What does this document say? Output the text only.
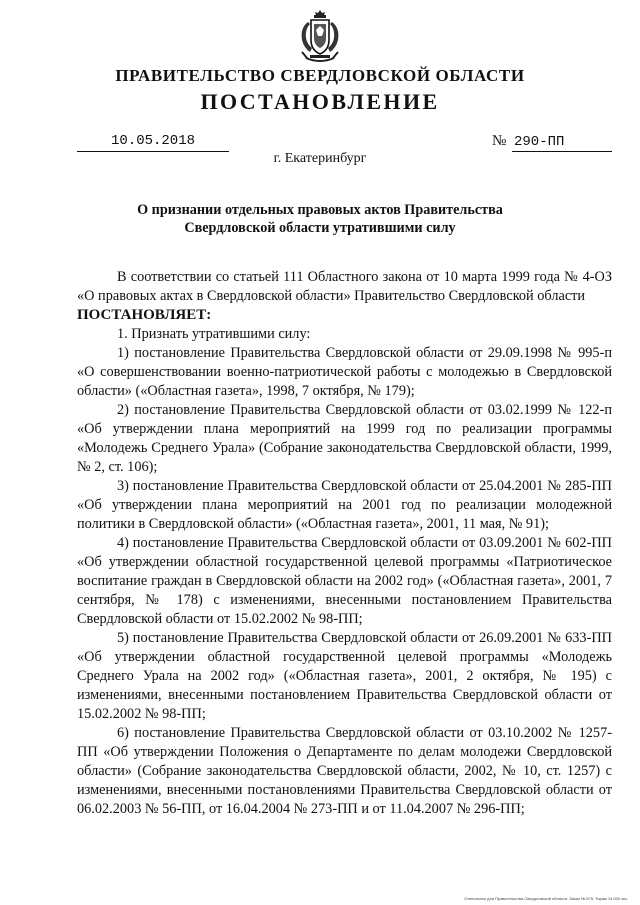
ПРАВИТЕЛЬСТВО СВЕРДЛОВСКОЙ ОБЛАСТИ
ПОСТАНОВЛЕНИЕ
10.05.2018	№ 290-ПП
г. Екатеринбург
О признании отдельных правовых актов Правительства
Свердловской области утратившими силу

В соответствии со статьей 111 Областного закона от 10 марта 1999 года № 4-ОЗ «О правовых актах в Свердловской области» Правительство Свердловской области

ПОСТАНОВЛЯЕТ:

1. Признать утратившими силу:

1) постановление Правительства Свердловской области от 29.09.1998 № 995-п «О совершенствовании военно-патриотической работы с молодежью в Свердловской области» («Областная газета», 1998, 7 октября, № 179);

2) постановление Правительства Свердловской области от 03.02.1999 № 122-п «Об утверждении плана мероприятий на 1999 год по реализации программы «Молодежь Среднего Урала» (Собрание законодательства Свердловской области, 1999, № 2, ст. 106);

3) постановление Правительства Свердловской области от 25.04.2001 № 285-ПП «Об утверждении плана мероприятий на 2001 год по реализации молодежной политики в Свердловской области» («Областная газета», 2001, 11 мая, № 91);

4) постановление Правительства Свердловской области от 03.09.2001 № 602-ПП «Об утверждении областной государственной целевой программы «Патриотическое воспитание граждан в Свердловской области на 2002 год» («Областная газета», 2001, 7 сентября, № 178) с изменениями, внесенными постановлением Правительства Свердловской области от 15.02.2002 № 98-ПП;

5) постановление Правительства Свердловской области от 26.09.2001 № 633-ПП «Об утверждении областной государственной целевой программы «Молодежь Среднего Урала на 2002 год» («Областная газета», 2001, 2 октября, № 195) с изменениями, внесенными постановлением Правительства Свердловской области от 15.02.2002 № 98-ПП;

6) постановление Правительства Свердловской области от 03.10.2002 № 1257-ПП «Об утверждении Положения о Департаменте по делам молодежи Свердловской области» (Собрание законодательства Свердловской области, 2002, № 10, ст. 1257) с изменениями, внесенными постановлениями Правительства Свердловской области от 06.02.2003 № 56-ПП, от 16.04.2004 № 273-ПП и от 11.04.2007 № 296-ПП;

Отпечатано для Правительства Свердловской области. Заказ № 575. Тираж 14 000 экз.
